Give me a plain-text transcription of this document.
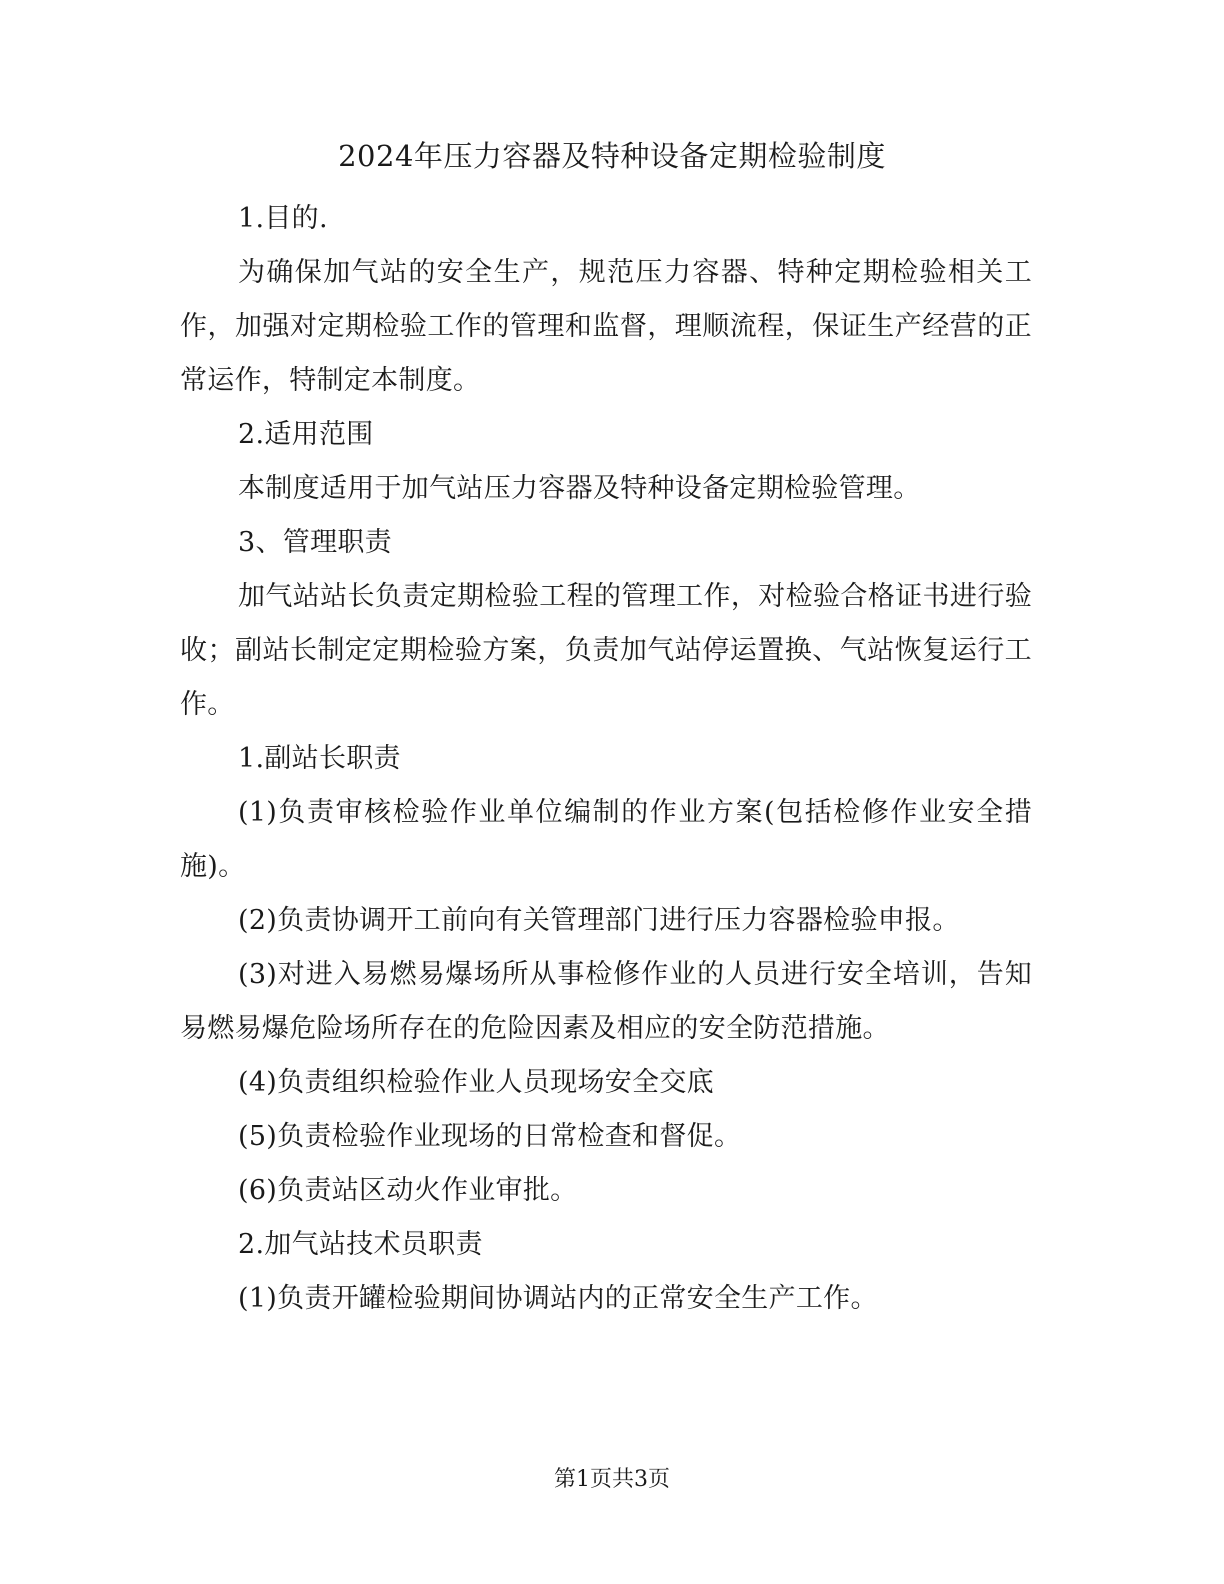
2024年压力容器及特种设备定期检验制度

1.目的.

为确保加气站的安全生产，规范压力容器、特种定期检验相关工作，加强对定期检验工作的管理和监督，理顺流程，保证生产经营的正常运作，特制定本制度。

2.适用范围

本制度适用于加气站压力容器及特种设备定期检验管理。

3、管理职责

加气站站长负责定期检验工程的管理工作，对检验合格证书进行验收；副站长制定定期检验方案，负责加气站停运置换、气站恢复运行工作。

1.副站长职责

(1)负责审核检验作业单位编制的作业方案(包括检修作业安全措施)。

(2)负责协调开工前向有关管理部门进行压力容器检验申报。

(3)对进入易燃易爆场所从事检修作业的人员进行安全培训，告知易燃易爆危险场所存在的危险因素及相应的安全防范措施。

(4)负责组织检验作业人员现场安全交底

(5)负责检验作业现场的日常检查和督促。

(6)负责站区动火作业审批。

2.加气站技术员职责

(1)负责开罐检验期间协调站内的正常安全生产工作。

第1页共3页
